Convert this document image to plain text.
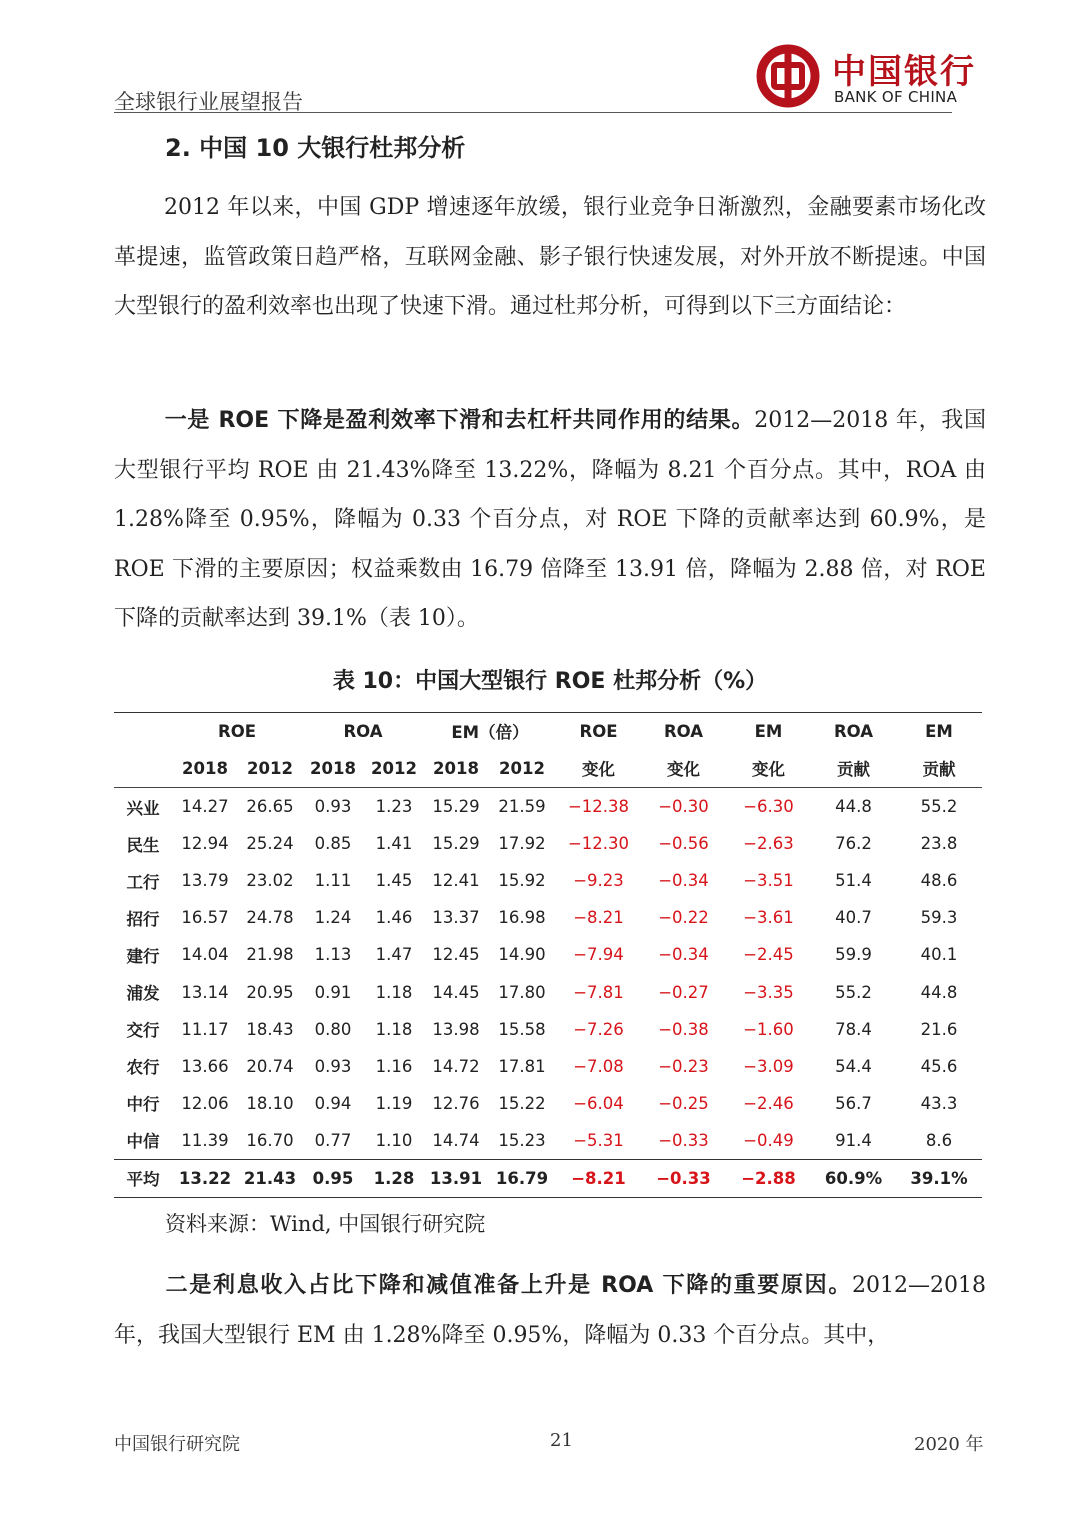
全球银行业展望报告
中国银行
BANK OF CHINA
2. 中国 10 大银行杜邦分析

2012 年以来，中国 GDP 增速逐年放缓，银行业竞争日渐激烈，金融要素市场化改革提速，监管政策日趋严格，互联网金融、影子银行快速发展，对外开放不断提速。中国大型银行的盈利效率也出现了快速下滑。通过杜邦分析，可得到以下三方面结论：

一是 ROE 下降是盈利效率下滑和去杠杆共同作用的结果。2012—2018 年，我国大型银行平均 ROE 由 21.43%降至 13.22%，降幅为 8.21 个百分点。其中，ROA 由 1.28%降至 0.95%，降幅为 0.33 个百分点，对 ROE 下降的贡献率达到 60.9%，是 ROE 下滑的主要原因；权益乘数由 16.79 倍降至 13.91 倍，降幅为 2.88 倍，对 ROE 下降的贡献率达到 39.1%（表 10）。

表 10：中国大型银行 ROE 杜邦分析（%）
	ROE		ROA		EM（倍）		ROE	ROA	EM	ROA	EM
	2018	2012	2018	2012	2018	2012	变化	变化	变化	贡献	贡献
兴业	14.27	26.65	0.93	1.23	15.29	21.59	−12.38	−0.30	−6.30	44.8	55.2
民生	12.94	25.24	0.85	1.41	15.29	17.92	−12.30	−0.56	−2.63	76.2	23.8
工行	13.79	23.02	1.11	1.45	12.41	15.92	−9.23	−0.34	−3.51	51.4	48.6
招行	16.57	24.78	1.24	1.46	13.37	16.98	−8.21	−0.22	−3.61	40.7	59.3
建行	14.04	21.98	1.13	1.47	12.45	14.90	−7.94	−0.34	−2.45	59.9	40.1
浦发	13.14	20.95	0.91	1.18	14.45	17.80	−7.81	−0.27	−3.35	55.2	44.8
交行	11.17	18.43	0.80	1.18	13.98	15.58	−7.26	−0.38	−1.60	78.4	21.6
农行	13.66	20.74	0.93	1.16	14.72	17.81	−7.08	−0.23	−3.09	54.4	45.6
中行	12.06	18.10	0.94	1.19	12.76	15.22	−6.04	−0.25	−2.46	56.7	43.3
中信	11.39	16.70	0.77	1.10	14.74	15.23	−5.31	−0.33	−0.49	91.4	8.6
平均	13.22	21.43	0.95	1.28	13.91	16.79	−8.21	−0.33	−2.88	60.9%	39.1%
资料来源：Wind, 中国银行研究院

二是利息收入占比下降和减值准备上升是 ROA 下降的重要原因。2012—2018 年，我国大型银行 EM 由 1.28%降至 0.95%，降幅为 0.33 个百分点。其中，

中国银行研究院	21	2020 年
